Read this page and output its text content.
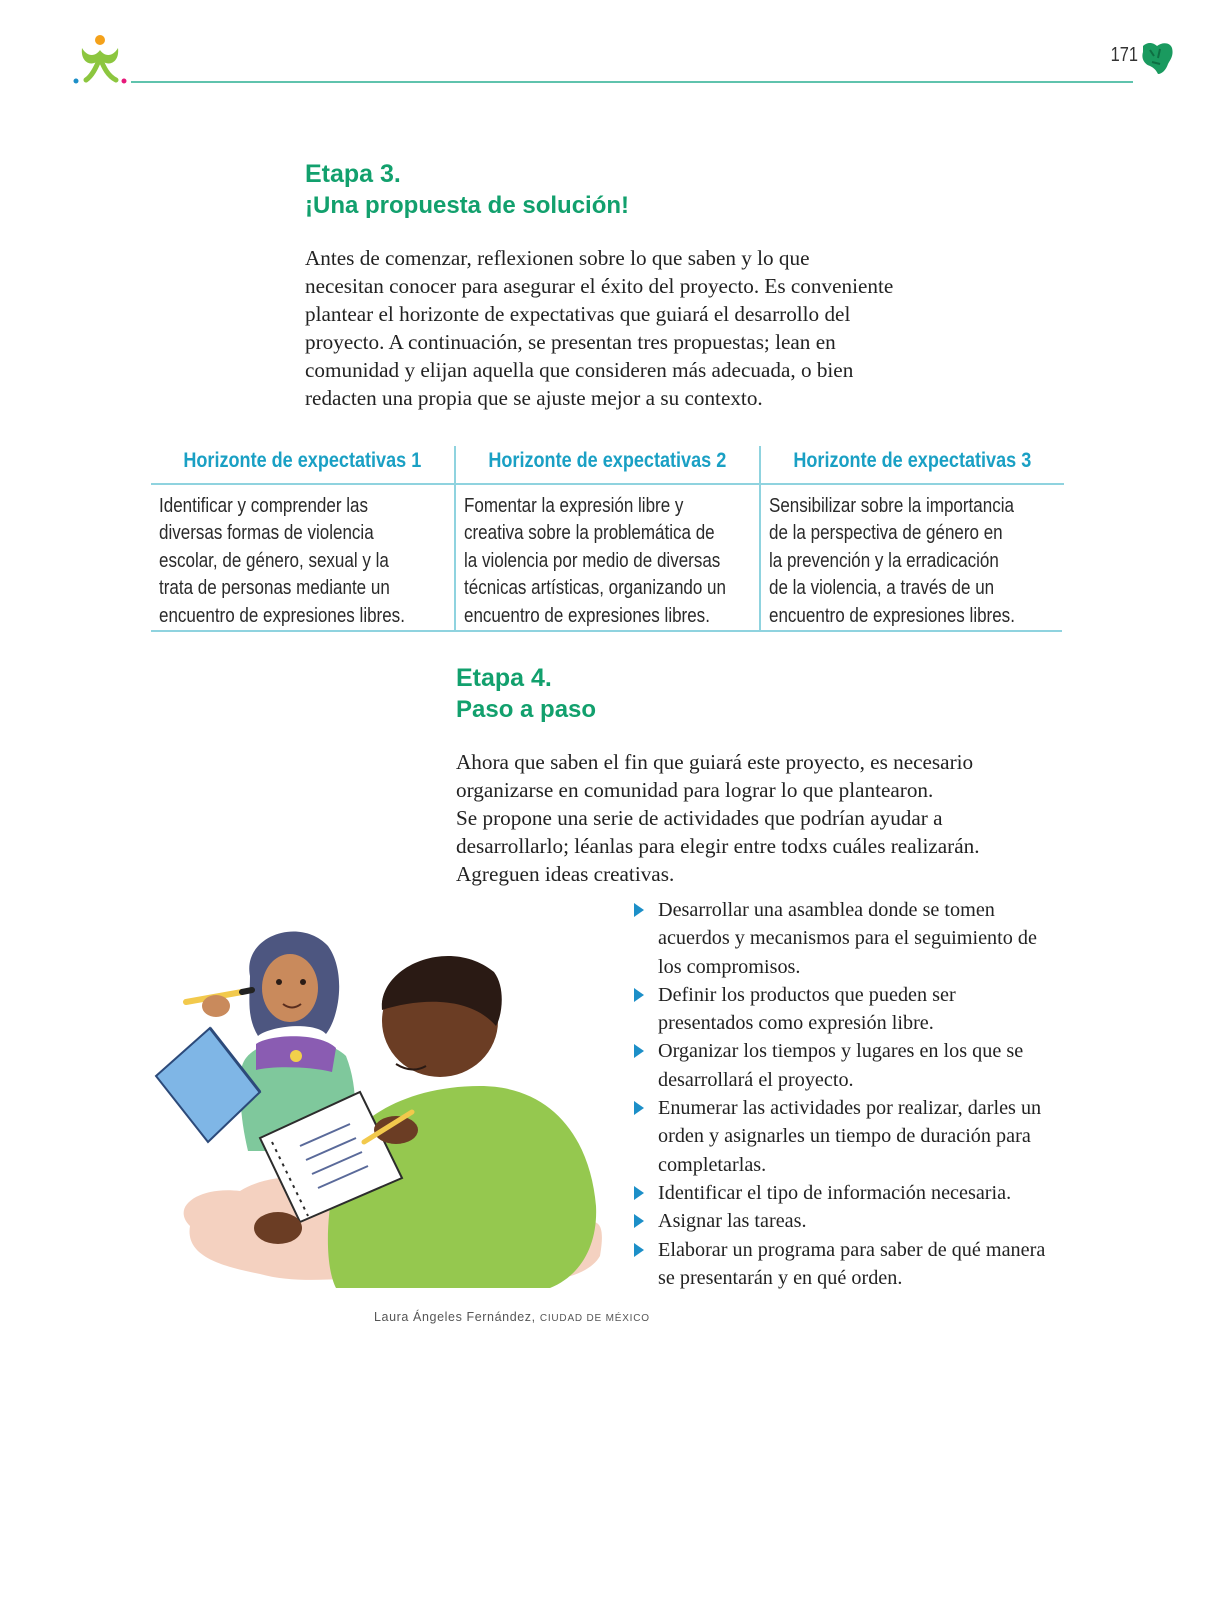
171
Etapa 3.
¡Una propuesta de solución!

Antes de comenzar, reflexionen sobre lo que saben y lo que

necesitan conocer para asegurar el éxito del proyecto. Es conveniente

plantear el horizonte de expectativas que guiará el desarrollo del

proyecto. A continuación, se presentan tres propuestas; lean en

comunidad y elijan aquella que consideren más adecuada, o bien

redacten una propia que se ajuste mejor a su contexto.

Horizonte de expectativas 1
Identificar y comprender las
diversas formas de violencia
escolar, de género, sexual y la
trata de personas mediante un
encuentro de expresiones libres.
Horizonte de expectativas 2
Fomentar la expresión libre y
creativa sobre la problemática de
la violencia por medio de diversas
técnicas artísticas, organizando un
encuentro de expresiones libres.
Horizonte de expectativas 3
Sensibilizar sobre la importancia
de la perspectiva de género en
la prevención y la erradicación
de la violencia, a través de un
encuentro de expresiones libres.
Etapa 4.
Paso a paso

Ahora que saben el fin que guiará este proyecto, es necesario

organizarse en comunidad para lograr lo que plantearon.

Se propone una serie de actividades que podrían ayudar a

desarrollarlo; léanlas para elegir entre todxs cuáles realizarán.

Agreguen ideas creativas.

Desarrollar una asamblea donde se tomen acuerdos y mecanismos para el seguimiento de los compromisos.
Definir los productos que pueden ser presentados como expresión libre.
Organizar los tiempos y lugares en los que se desarrollará el proyecto.
Enumerar las actividades por realizar, darles un orden y asignarles un tiempo de duración para completarlas.
Identificar el tipo de información necesaria.
Asignar las tareas.
Elaborar un programa para saber de qué manera se presentarán y en qué orden.
Laura Ángeles Fernández, CIUDAD DE MÉXICO
